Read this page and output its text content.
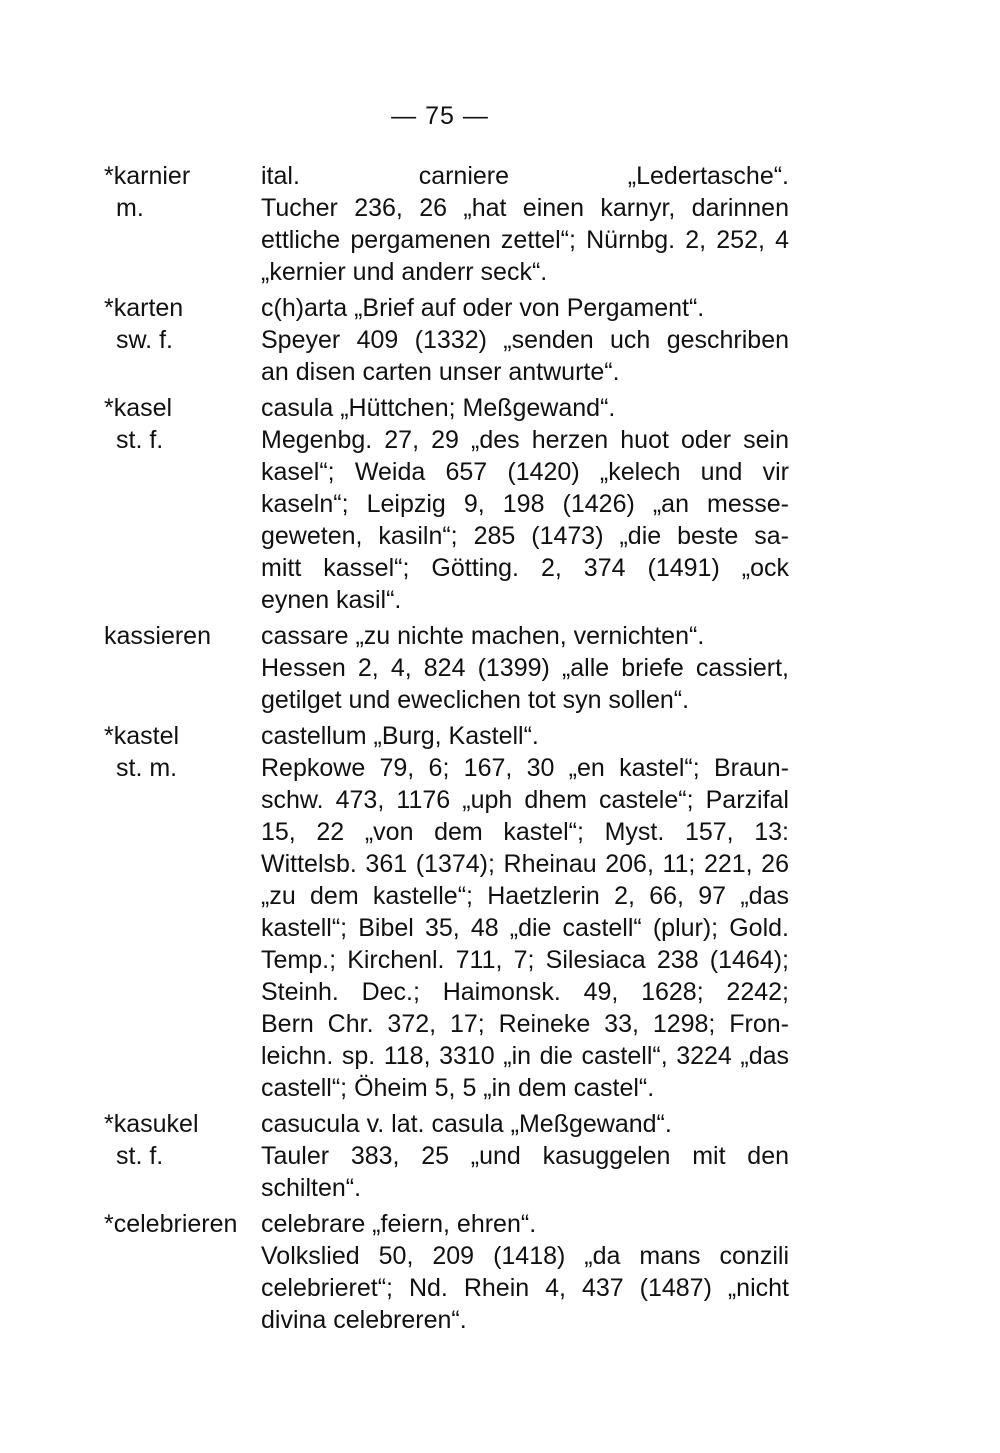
— 75 —
*karnier
m.
ital. carniere „Ledertasche“.
Tucher 236, 26 „hat einen karnyr, darinnen
ettliche pergamenen zettel“; Nürnbg. 2, 252, 4
„kernier und anderr seck“.
*karten
sw. f.
c(h)arta „Brief auf oder von Pergament“.
Speyer 409 (1332) „senden uch geschriben
an disen carten unser antwurte“.
*kasel
st. f.
casula „Hüttchen; Meßgewand“.
Megenbg. 27, 29 „des herzen huot oder sein
kasel“; Weida 657 (1420) „kelech und vir
kaseln“; Leipzig 9, 198 (1426) „an messe-
geweten, kasiln“; 285 (1473) „die beste sa-
mitt kassel“; Götting. 2, 374 (1491) „ock
eynen kasil“.
kassieren	cassare „zu nichte machen, vernichten“.
Hessen 2, 4, 824 (1399) „alle briefe cassiert,
getilget und eweclichen tot syn sollen“.
*kastel
st. m.
castellum „Burg, Kastell“.
Repkowe 79, 6; 167, 30 „en kastel“; Braun-
schw. 473, 1176 „uph dhem castele“; Parzifal
15, 22 „von dem kastel“; Myst. 157, 13:
Wittelsb. 361 (1374); Rheinau 206, 11; 221, 26
„zu dem kastelle“; Haetzlerin 2, 66, 97 „das
kastell“; Bibel 35, 48 „die castell“ (plur); Gold.
Temp.; Kirchenl. 711, 7; Silesiaca 238 (1464);
Steinh. Dec.; Haimonsk. 49, 1628; 2242;
Bern Chr. 372, 17; Reineke 33, 1298; Fron-
leichn. sp. 118, 3310 „in die castell“, 3224 „das
castell“; Öheim 5, 5 „in dem castel“.
*kasukel
st. f.
casucula v. lat. casula „Meßgewand“.
Tauler 383, 25 „und kasuggelen mit den
schilten“.
*celebrieren celebrare „feiern, ehren“.
Volkslied 50, 209 (1418) „da mans conzili
celebrieret“; Nd. Rhein 4, 437 (1487) „nicht
divina celebreren“.
